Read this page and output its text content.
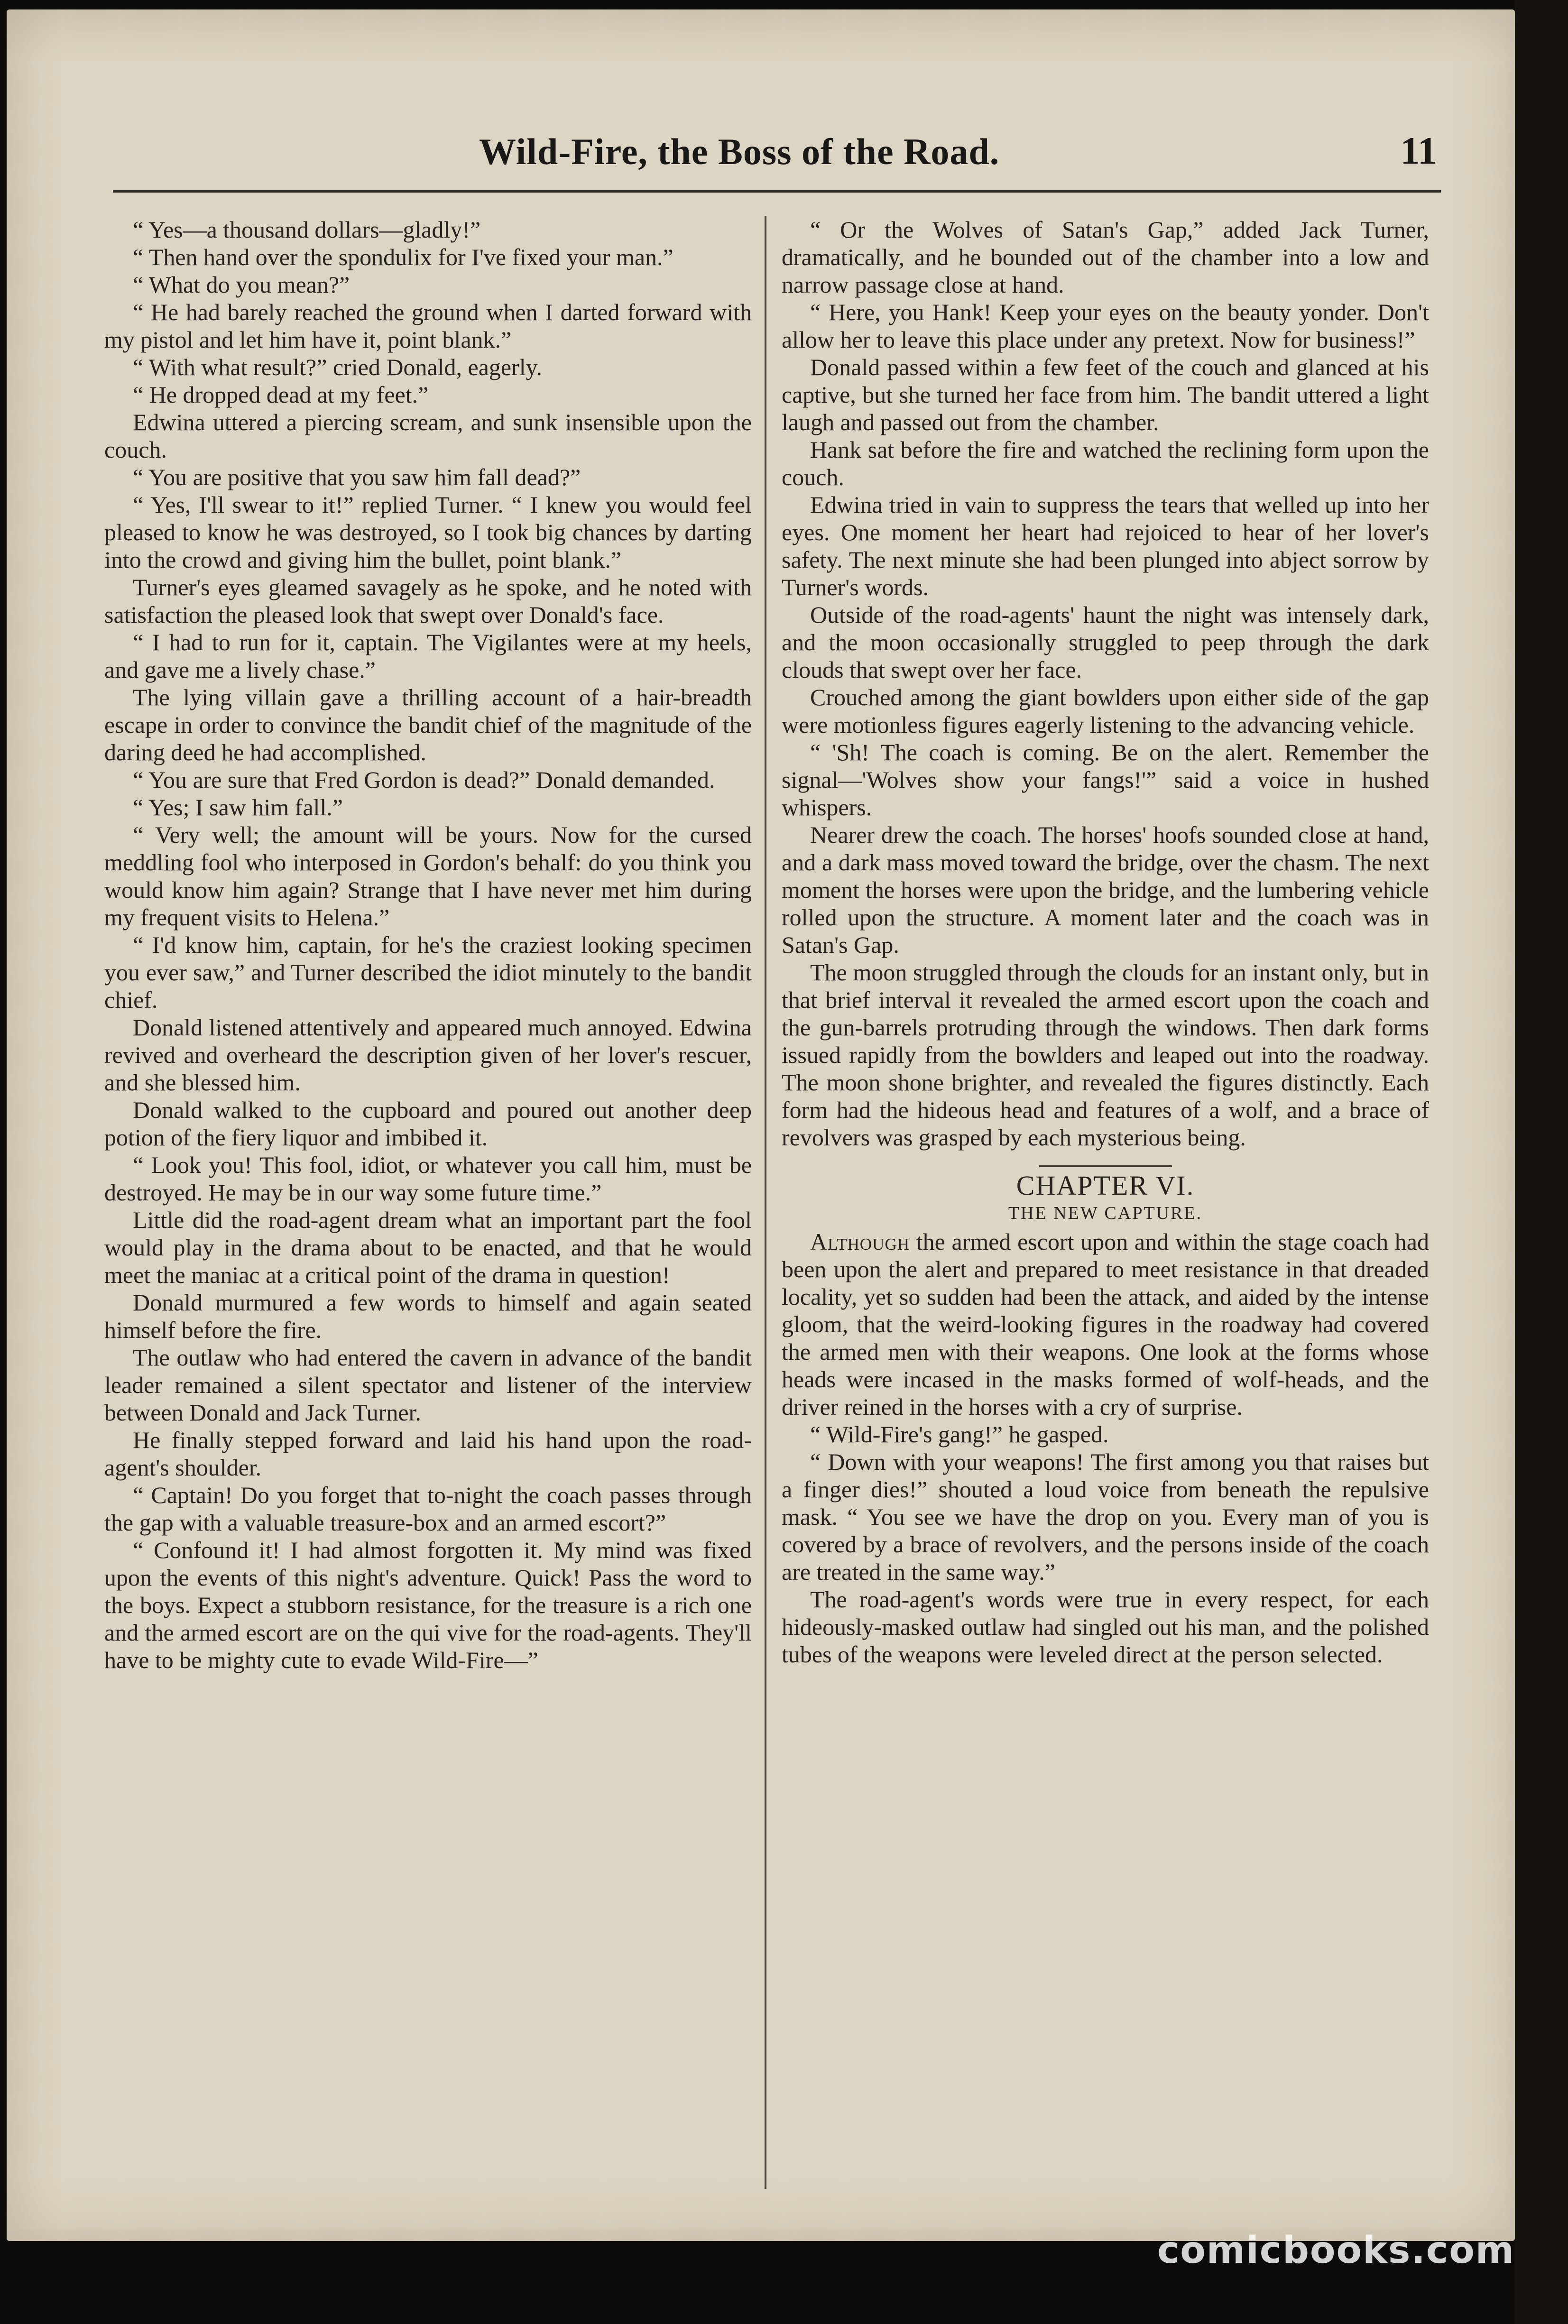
Wild-Fire, the Boss of the Road.	11

“ Yes—a thousand dollars—gladly!”

“ Then hand over the spondulix for I've fixed your man.”

“ What do you mean?”

“ He had barely reached the ground when I darted forward with my pistol and let him have it, point blank.”

“ With what result?” cried Donald, eagerly.

“ He dropped dead at my feet.”

Edwina uttered a piercing scream, and sunk insensible upon the couch.

“ You are positive that you saw him fall dead?”

“ Yes, I'll swear to it!” replied Turner. “ I knew you would feel pleased to know he was destroyed, so I took big chances by darting into the crowd and giving him the bullet, point blank.”

Turner's eyes gleamed savagely as he spoke, and he noted with satisfaction the pleased look that swept over Donald's face.

“ I had to run for it, captain. The Vigilantes were at my heels, and gave me a lively chase.”

The lying villain gave a thrilling account of a hair-breadth escape in order to convince the bandit chief of the magnitude of the daring deed he had accomplished.

“ You are sure that Fred Gordon is dead?” Donald demanded.

“ Yes; I saw him fall.”

“ Very well; the amount will be yours. Now for the cursed meddling fool who interposed in Gordon's behalf: do you think you would know him again? Strange that I have never met him during my frequent visits to Helena.”

“ I'd know him, captain, for he's the craziest looking specimen you ever saw,” and Turner described the idiot minutely to the bandit chief.

Donald listened attentively and appeared much annoyed. Edwina revived and overheard the description given of her lover's rescuer, and she blessed him.

Donald walked to the cupboard and poured out another deep potion of the fiery liquor and imbibed it.

“ Look you! This fool, idiot, or whatever you call him, must be destroyed. He may be in our way some future time.”

Little did the road-agent dream what an important part the fool would play in the drama about to be enacted, and that he would meet the maniac at a critical point of the drama in question!

Donald murmured a few words to himself and again seated himself before the fire.

The outlaw who had entered the cavern in advance of the bandit leader remained a silent spectator and listener of the interview between Donald and Jack Turner.

He finally stepped forward and laid his hand upon the road-agent's shoulder.

“ Captain! Do you forget that to-night the coach passes through the gap with a valuable treasure-box and an armed escort?”

“ Confound it! I had almost forgotten it. My mind was fixed upon the events of this night's adventure. Quick! Pass the word to the boys. Expect a stubborn resistance, for the treasure is a rich one and the armed escort are on the qui vive for the road-agents. They'll have to be mighty cute to evade Wild-Fire—”

“ Or the Wolves of Satan's Gap,” added Jack Turner, dramatically, and he bounded out of the chamber into a low and narrow passage close at hand.

“ Here, you Hank! Keep your eyes on the beauty yonder. Don't allow her to leave this place under any pretext. Now for business!”

Donald passed within a few feet of the couch and glanced at his captive, but she turned her face from him. The bandit uttered a light laugh and passed out from the chamber.

Hank sat before the fire and watched the reclining form upon the couch.

Edwina tried in vain to suppress the tears that welled up into her eyes. One moment her heart had rejoiced to hear of her lover's safety. The next minute she had been plunged into abject sorrow by Turner's words.

Outside of the road-agents' haunt the night was intensely dark, and the moon occasionally struggled to peep through the dark clouds that swept over her face.

Crouched among the giant bowlders upon either side of the gap were motionless figures eagerly listening to the advancing vehicle.

“ 'Sh! The coach is coming. Be on the alert. Remember the signal—'Wolves show your fangs!'” said a voice in hushed whispers.

Nearer drew the coach. The horses' hoofs sounded close at hand, and a dark mass moved toward the bridge, over the chasm. The next moment the horses were upon the bridge, and the lumbering vehicle rolled upon the structure. A moment later and the coach was in Satan's Gap.

The moon struggled through the clouds for an instant only, but in that brief interval it revealed the armed escort upon the coach and the gun-barrels protruding through the windows. Then dark forms issued rapidly from the bowlders and leaped out into the roadway. The moon shone brighter, and revealed the figures distinctly. Each form had the hideous head and features of a wolf, and a brace of revolvers was grasped by each mysterious being.

CHAPTER VI.
THE NEW CAPTURE.

Although the armed escort upon and within the stage coach had been upon the alert and prepared to meet resistance in that dreaded locality, yet so sudden had been the attack, and aided by the intense gloom, that the weird-looking figures in the roadway had covered the armed men with their weapons. One look at the forms whose heads were incased in the masks formed of wolf-heads, and the driver reined in the horses with a cry of surprise.

“ Wild-Fire's gang!” he gasped.

“ Down with your weapons! The first among you that raises but a finger dies!” shouted a loud voice from beneath the repulsive mask. “ You see we have the drop on you. Every man of you is covered by a brace of revolvers, and the persons inside of the coach are treated in the same way.”

The road-agent's words were true in every respect, for each hideously-masked outlaw had singled out his man, and the polished tubes of the weapons were leveled direct at the person selected.

comicbooks.com
